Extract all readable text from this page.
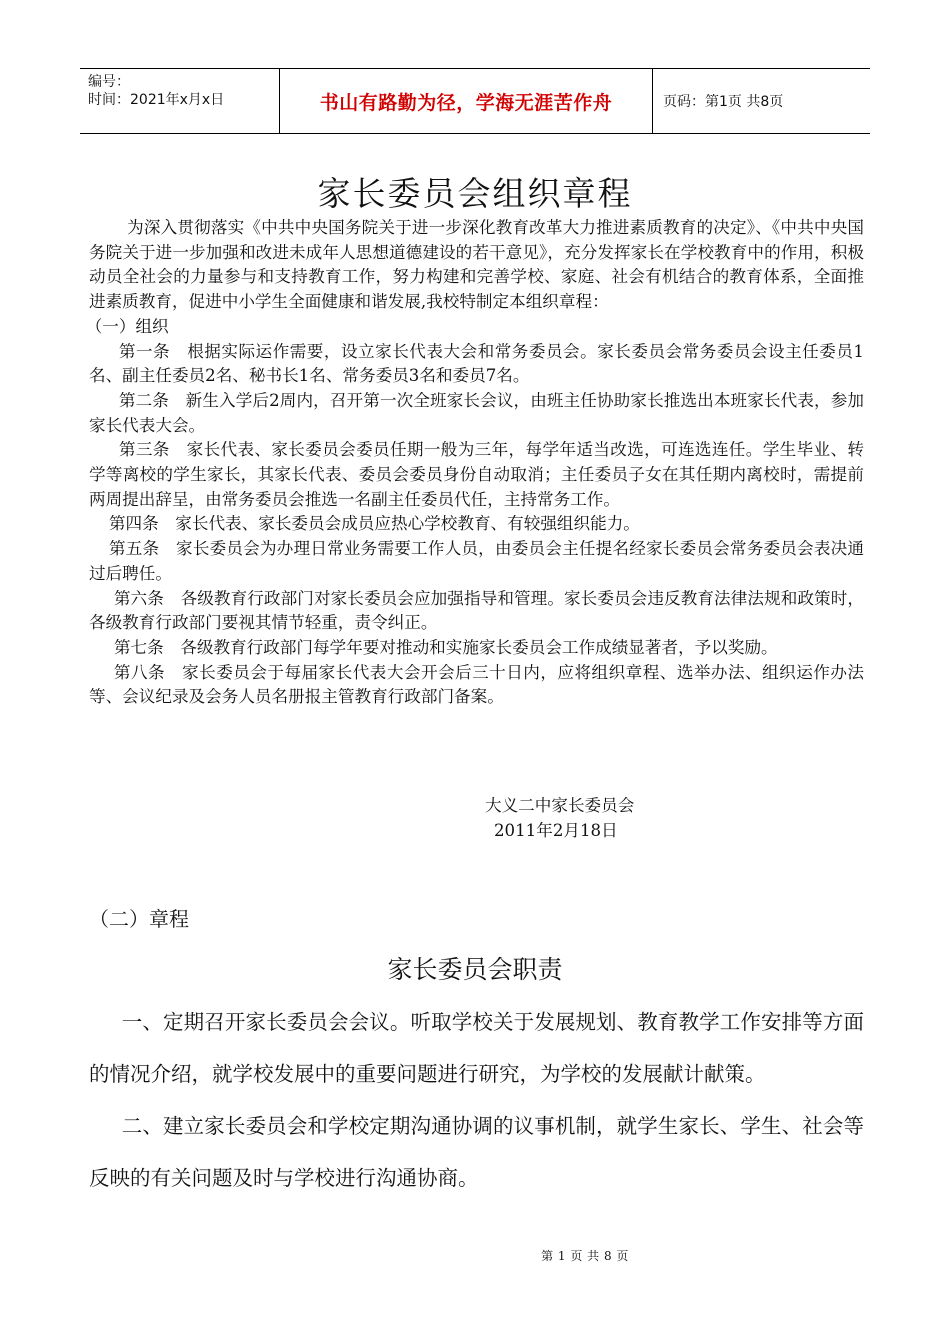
编号：
时间：2021年x月x日	书山有路勤为径，学海无涯苦作舟	页码：第1页 共8页
家长委员会组织章程

为深入贯彻落实《中共中央国务院关于进一步深化教育改革大力推进素质教育的决定》、《中共中央国务院关于进一步加强和改进未成年人思想道德建设的若干意见》，充分发挥家长在学校教育中的作用，积极动员全社会的力量参与和支持教育工作，努力构建和完善学校、家庭、社会有机结合的教育体系，全面推进素质教育，促进中小学生全面健康和谐发展,我校特制定本组织章程：

（一）组织

第一条　根据实际运作需要，设立家长代表大会和常务委员会。家长委员会常务委员会设主任委员1名、副主任委员2名、秘书长1名、常务委员3名和委员7名。

第二条　新生入学后2周内，召开第一次全班家长会议，由班主任协助家长推选出本班家长代表，参加家长代表大会。

第三条　家长代表、家长委员会委员任期一般为三年，每学年适当改选，可连选连任。学生毕业、转学等离校的学生家长，其家长代表、委员会委员身份自动取消；主任委员子女在其任期内离校时，需提前两周提出辞呈，由常务委员会推选一名副主任委员代任，主持常务工作。

第四条　家长代表、家长委员会成员应热心学校教育、有较强组织能力。

第五条　家长委员会为办理日常业务需要工作人员，由委员会主任提名经家长委员会常务委员会表决通过后聘任。

第六条　各级教育行政部门对家长委员会应加强指导和管理。家长委员会违反教育法律法规和政策时，各级教育行政部门要视其情节轻重，责令纠正。

第七条　各级教育行政部门每学年要对推动和实施家长委员会工作成绩显著者，予以奖励。

第八条　家长委员会于每届家长代表大会开会后三十日内，应将组织章程、选举办法、组织运作办法等、会议纪录及会务人员名册报主管教育行政部门备案。

大义二中家长委员会
2011年2月18日
（二）章程
家长委员会职责

一、定期召开家长委员会会议。听取学校关于发展规划、教育教学工作安排等方面的情况介绍，就学校发展中的重要问题进行研究，为学校的发展献计献策。

二、建立家长委员会和学校定期沟通协调的议事机制，就学生家长、学生、社会等反映的有关问题及时与学校进行沟通协商。

第 1 页 共 8 页
